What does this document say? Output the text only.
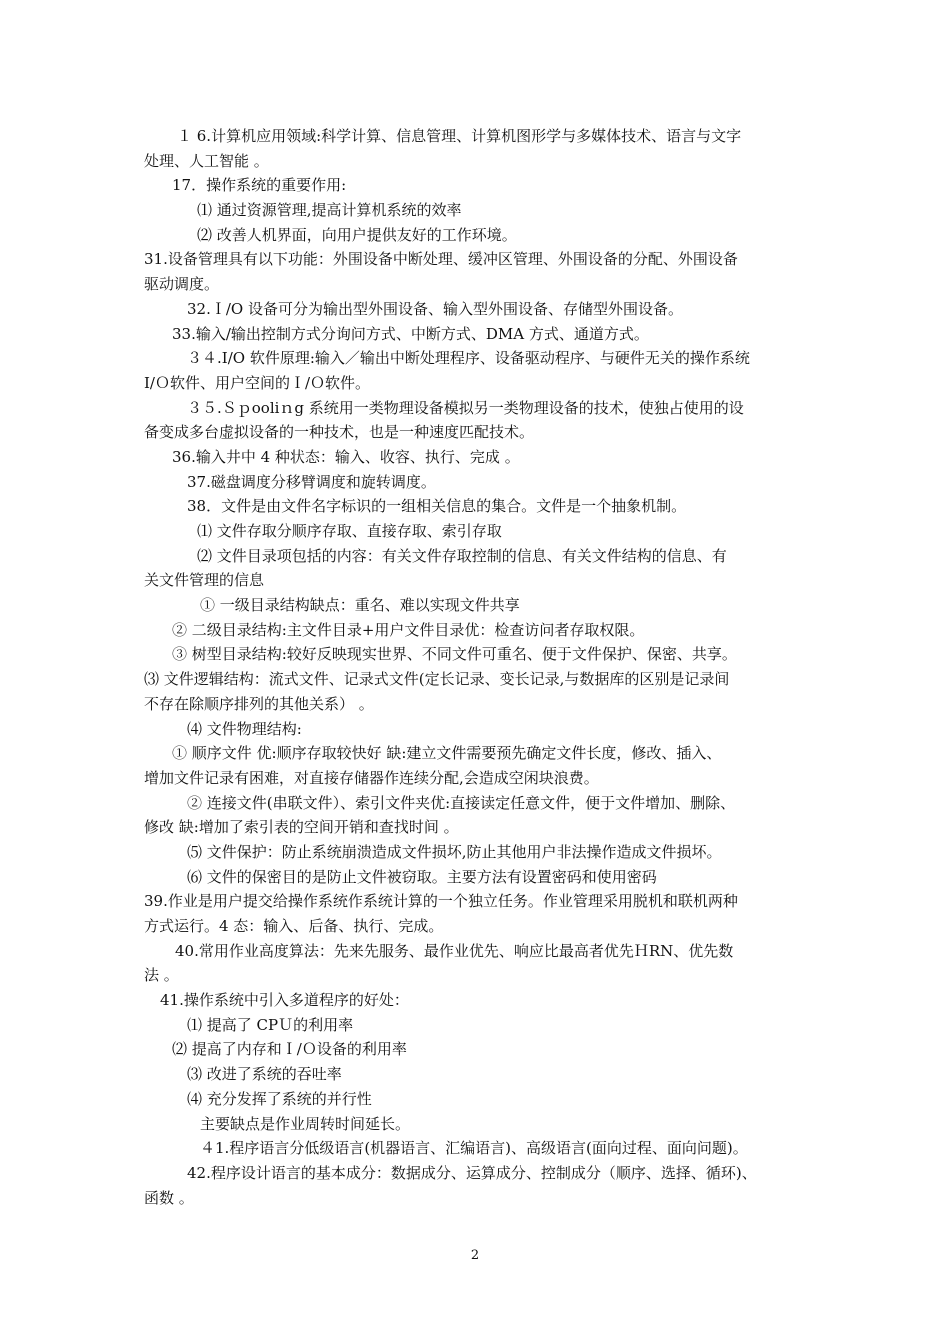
１ 6.计算机应用领域:科学计算、信息管理、计算机图形学与多媒体技术、语言与文字
处理、人工智能 。
17．操作系统的重要作用:
⑴ 通过资源管理,提高计算机系统的效率
⑵ 改善人机界面，向用户提供友好的工作环境。
31.设备管理具有以下功能：外围设备中断处理、缓冲区管理、外围设备的分配、外围设备
驱动调度。
32.Ｉ/O 设备可分为输出型外围设备、输入型外围设备、存储型外围设备。
33.输入/输出控制方式分询问方式、中断方式、DMA 方式、通道方式。
３４.I/O 软件原理:输入／输出中断处理程序、设备驱动程序、与硬件无关的操作系统
I/Ｏ软件、用户空间的Ｉ/Ｏ软件。
３５.Ｓｐooliｎg 系统用一类物理设备模拟另一类物理设备的技术，使独占使用的设
备变成多台虚拟设备的一种技术，也是一种速度匹配技术。
36.输入井中 4 种状态：输入、收容、执行、完成 。
37.磁盘调度分移臂调度和旋转调度。
38．文件是由文件名字标识的一组相关信息的集合。文件是一个抽象机制。
⑴ 文件存取分顺序存取、直接存取、索引存取
⑵ 文件目录项包括的内容：有关文件存取控制的信息、有关文件结构的信息、有
关文件管理的信息
① 一级目录结构缺点：重名、难以实现文件共享
② 二级目录结构:主文件目录+用户文件目录优：检查访问者存取权限。
③ 树型目录结构:较好反映现实世界、不同文件可重名、便于文件保护、保密、共享。
⑶ 文件逻辑结构：流式文件、记录式文件(定长记录、变长记录,与数据库的区别是记录间
不存在除顺序排列的其他关系） 。
⑷ 文件物理结构:
① 顺序文件 优:顺序存取较快好 缺:建立文件需要预先确定文件长度，修改、插入、
增加文件记录有困难，对直接存储器作连续分配,会造成空闲块浪费。
② 连接文件(串联文件）、索引文件夹优:直接读定任意文件，便于文件增加、删除、
修改 缺:增加了索引表的空间开销和查找时间 。
⑸ 文件保护：防止系统崩溃造成文件损坏,防止其他用户非法操作造成文件损坏。
⑹ 文件的保密目的是防止文件被窃取。主要方法有设置密码和使用密码
39.作业是用户提交给操作系统作系统计算的一个独立任务。作业管理采用脱机和联机两种
方式运行。4 态：输入、后备、执行、完成。
40.常用作业高度算法：先来先服务、最作业优先、响应比最高者优先ＨRN、优先数
法 。
41.操作系统中引入多道程序的好处：
⑴ 提高了 CPＵ的利用率
⑵ 提高了内存和Ｉ/Ｏ设备的利用率
⑶ 改进了系统的吞吐率
⑷ 充分发挥了系统的并行性
主要缺点是作业周转时间延长。
４1.程序语言分低级语言(机器语言、汇编语言)、高级语言(面向过程、面向问题)。
42.程序设计语言的基本成分：数据成分、运算成分、控制成分（顺序、选择、循环)、
函数 。
2
